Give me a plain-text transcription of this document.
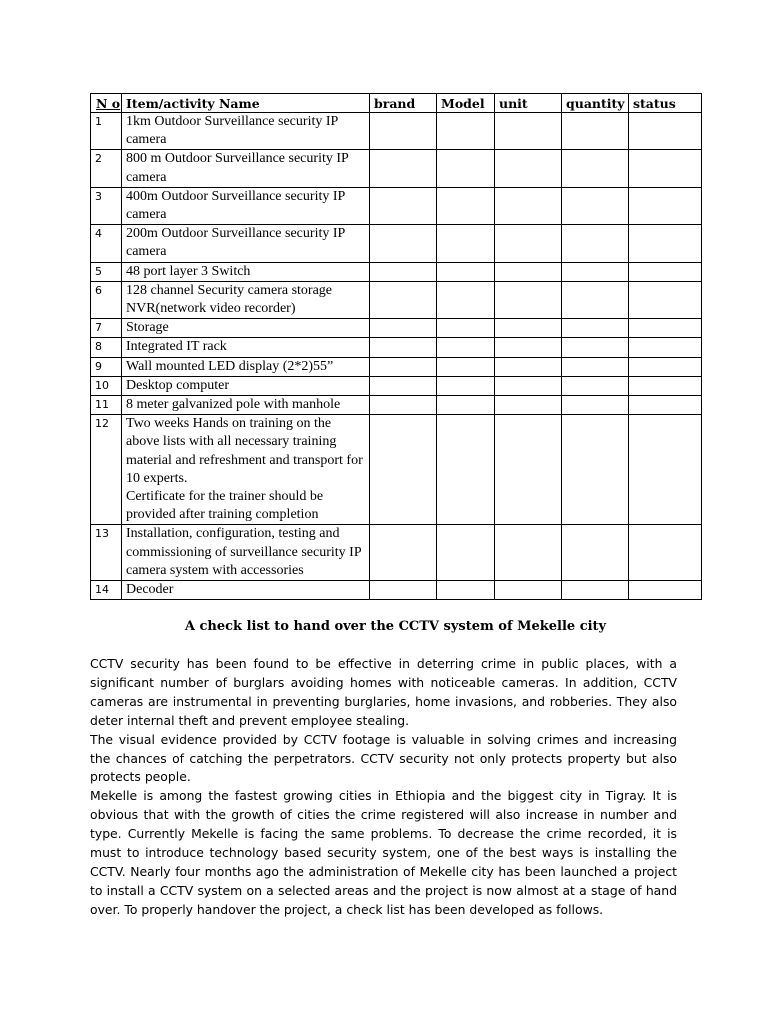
N o	Item/activity Name	brand	Model	unit	quantity	status
1	1km Outdoor Surveillance security IP camera					
2	800 m Outdoor Surveillance security IP camera					
3	400m Outdoor Surveillance security IP camera					
4	200m Outdoor Surveillance security IP camera					
5	48 port layer 3 Switch					
6	128 channel Security camera storage NVR(network video recorder)					
7	Storage					
8	Integrated IT rack					
9	Wall mounted LED display (2*2)55”					
10	Desktop computer					
11	8 meter galvanized pole with manhole					
12	Two weeks Hands on training on the above lists with all necessary training material and refreshment and transport for 10 experts.
Certificate for the trainer should be provided after training completion					
13	Installation, configuration, testing and commissioning of surveillance security IP camera system with accessories					
14	Decoder					
A check list to hand over the CCTV system of Mekelle city

CCTV security has been found to be effective in deterring crime in public places, with a significant number of burglars avoiding homes with noticeable cameras. In addition, CCTV cameras are instrumental in preventing burglaries, home invasions, and robberies. They also deter internal theft and prevent employee stealing.

The visual evidence provided by CCTV footage is valuable in solving crimes and increasing the chances of catching the perpetrators. CCTV security not only protects property but also protects people.

Mekelle is among the fastest growing cities in Ethiopia and the biggest city in Tigray. It is obvious that with the growth of cities the crime registered will also increase in number and type. Currently Mekelle is facing the same problems. To decrease the crime recorded, it is must to introduce technology based security system, one of the best ways is installing the CCTV. Nearly four months ago the administration of Mekelle city has been launched a project to install a CCTV system on a selected areas and the project is now almost at a stage of hand over. To properly handover the project, a check list has been developed as follows.
